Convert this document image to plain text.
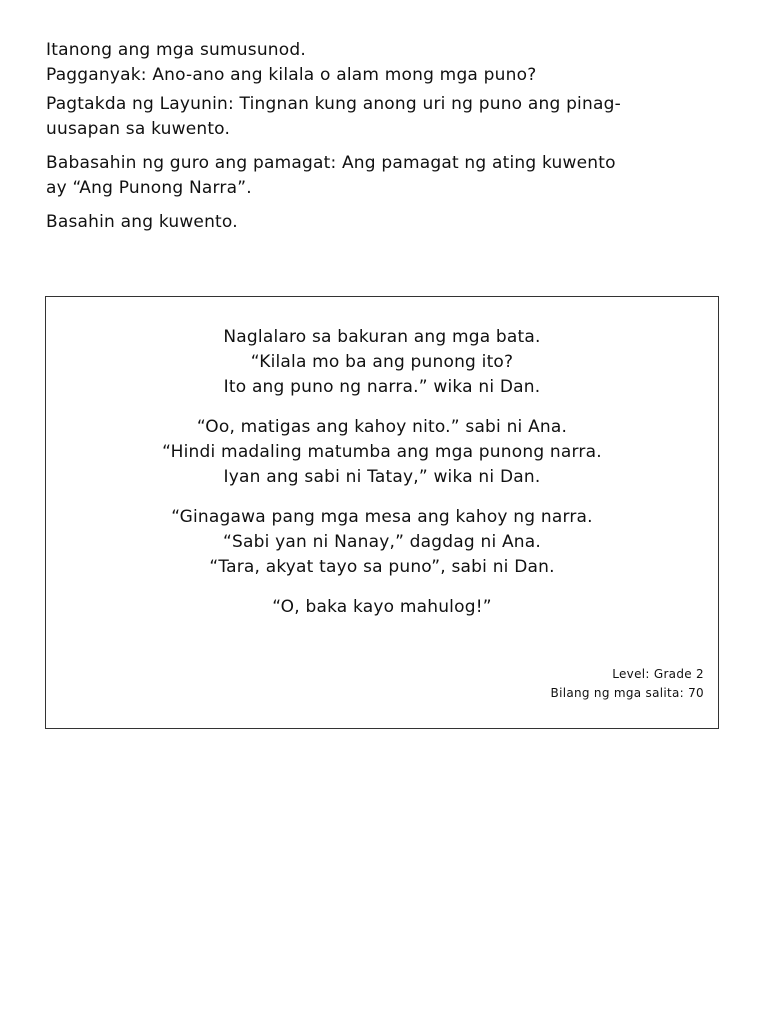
Itanong ang mga sumusunod.
Pagganyak: Ano-ano ang kilala o alam mong mga puno?

Pagtakda ng Layunin: Tingnan kung anong uri ng puno ang pinag-
uusapan sa kuwento.

Babasahin ng guro ang pamagat: Ang pamagat ng ating kuwento
ay “Ang Punong Narra”.

Basahin ang kuwento.

Naglalaro sa bakuran ang mga bata.
“Kilala mo ba ang punong ito?
Ito ang puno ng narra.” wika ni Dan.

“Oo, matigas ang kahoy nito.” sabi ni Ana.
“Hindi madaling matumba ang mga punong narra.
Iyan ang sabi ni Tatay,” wika ni Dan.

“Ginagawa pang mga mesa ang kahoy ng narra.
“Sabi yan ni Nanay,” dagdag ni Ana.
“Tara, akyat tayo sa puno”, sabi ni Dan.

“O, baka kayo mahulog!”

Level: Grade 2
Bilang ng mga salita: 70
